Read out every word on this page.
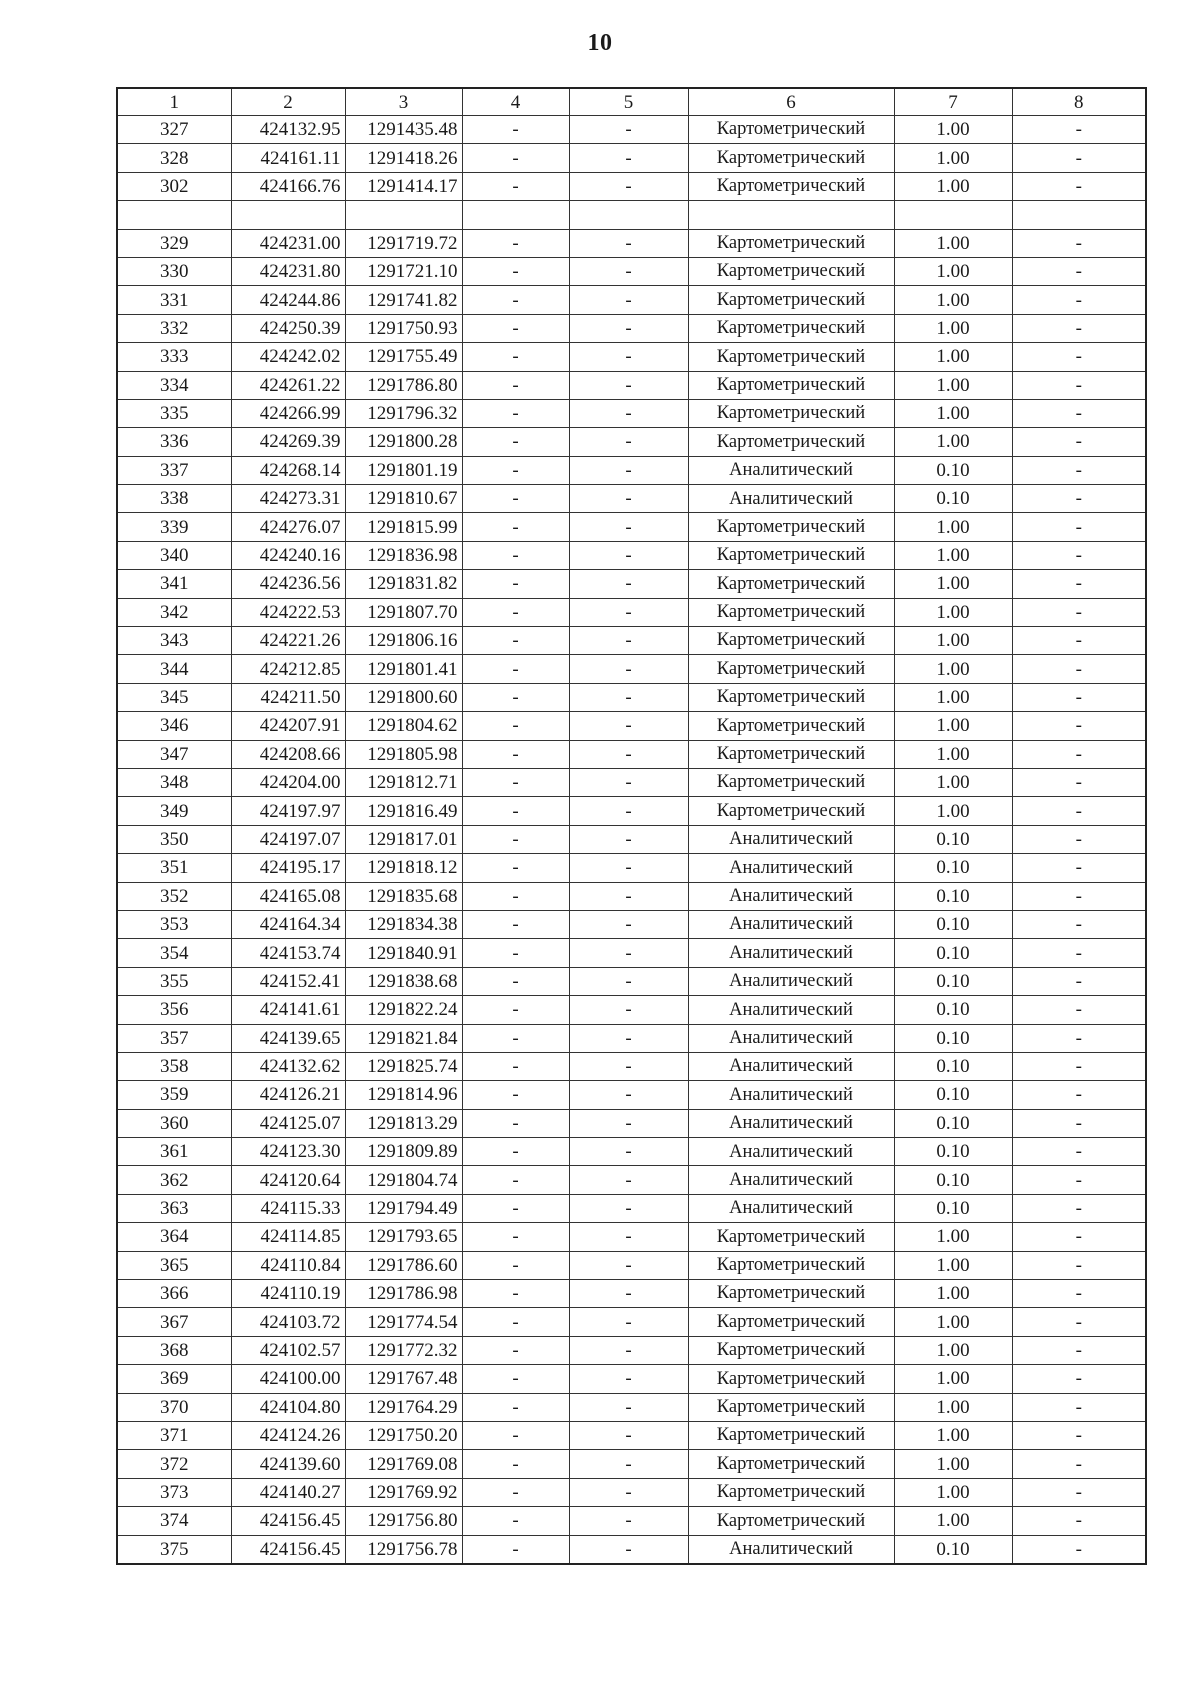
10
1	2	3	4	5	6	7	8
327	424132.95	1291435.48	-	-	Картометрический	1.00	-
328	424161.11	1291418.26	-	-	Картометрический	1.00	-
302	424166.76	1291414.17	-	-	Картометрический	1.00	-

329	424231.00	1291719.72	-	-	Картометрический	1.00	-
330	424231.80	1291721.10	-	-	Картометрический	1.00	-
331	424244.86	1291741.82	-	-	Картометрический	1.00	-
332	424250.39	1291750.93	-	-	Картометрический	1.00	-
333	424242.02	1291755.49	-	-	Картометрический	1.00	-
334	424261.22	1291786.80	-	-	Картометрический	1.00	-
335	424266.99	1291796.32	-	-	Картометрический	1.00	-
336	424269.39	1291800.28	-	-	Картометрический	1.00	-
337	424268.14	1291801.19	-	-	Аналитический	0.10	-
338	424273.31	1291810.67	-	-	Аналитический	0.10	-
339	424276.07	1291815.99	-	-	Картометрический	1.00	-
340	424240.16	1291836.98	-	-	Картометрический	1.00	-
341	424236.56	1291831.82	-	-	Картометрический	1.00	-
342	424222.53	1291807.70	-	-	Картометрический	1.00	-
343	424221.26	1291806.16	-	-	Картометрический	1.00	-
344	424212.85	1291801.41	-	-	Картометрический	1.00	-
345	424211.50	1291800.60	-	-	Картометрический	1.00	-
346	424207.91	1291804.62	-	-	Картометрический	1.00	-
347	424208.66	1291805.98	-	-	Картометрический	1.00	-
348	424204.00	1291812.71	-	-	Картометрический	1.00	-
349	424197.97	1291816.49	-	-	Картометрический	1.00	-
350	424197.07	1291817.01	-	-	Аналитический	0.10	-
351	424195.17	1291818.12	-	-	Аналитический	0.10	-
352	424165.08	1291835.68	-	-	Аналитический	0.10	-
353	424164.34	1291834.38	-	-	Аналитический	0.10	-
354	424153.74	1291840.91	-	-	Аналитический	0.10	-
355	424152.41	1291838.68	-	-	Аналитический	0.10	-
356	424141.61	1291822.24	-	-	Аналитический	0.10	-
357	424139.65	1291821.84	-	-	Аналитический	0.10	-
358	424132.62	1291825.74	-	-	Аналитический	0.10	-
359	424126.21	1291814.96	-	-	Аналитический	0.10	-
360	424125.07	1291813.29	-	-	Аналитический	0.10	-
361	424123.30	1291809.89	-	-	Аналитический	0.10	-
362	424120.64	1291804.74	-	-	Аналитический	0.10	-
363	424115.33	1291794.49	-	-	Аналитический	0.10	-
364	424114.85	1291793.65	-	-	Картометрический	1.00	-
365	424110.84	1291786.60	-	-	Картометрический	1.00	-
366	424110.19	1291786.98	-	-	Картометрический	1.00	-
367	424103.72	1291774.54	-	-	Картометрический	1.00	-
368	424102.57	1291772.32	-	-	Картометрический	1.00	-
369	424100.00	1291767.48	-	-	Картометрический	1.00	-
370	424104.80	1291764.29	-	-	Картометрический	1.00	-
371	424124.26	1291750.20	-	-	Картометрический	1.00	-
372	424139.60	1291769.08	-	-	Картометрический	1.00	-
373	424140.27	1291769.92	-	-	Картометрический	1.00	-
374	424156.45	1291756.80	-	-	Картометрический	1.00	-
375	424156.45	1291756.78	-	-	Аналитический	0.10	-
